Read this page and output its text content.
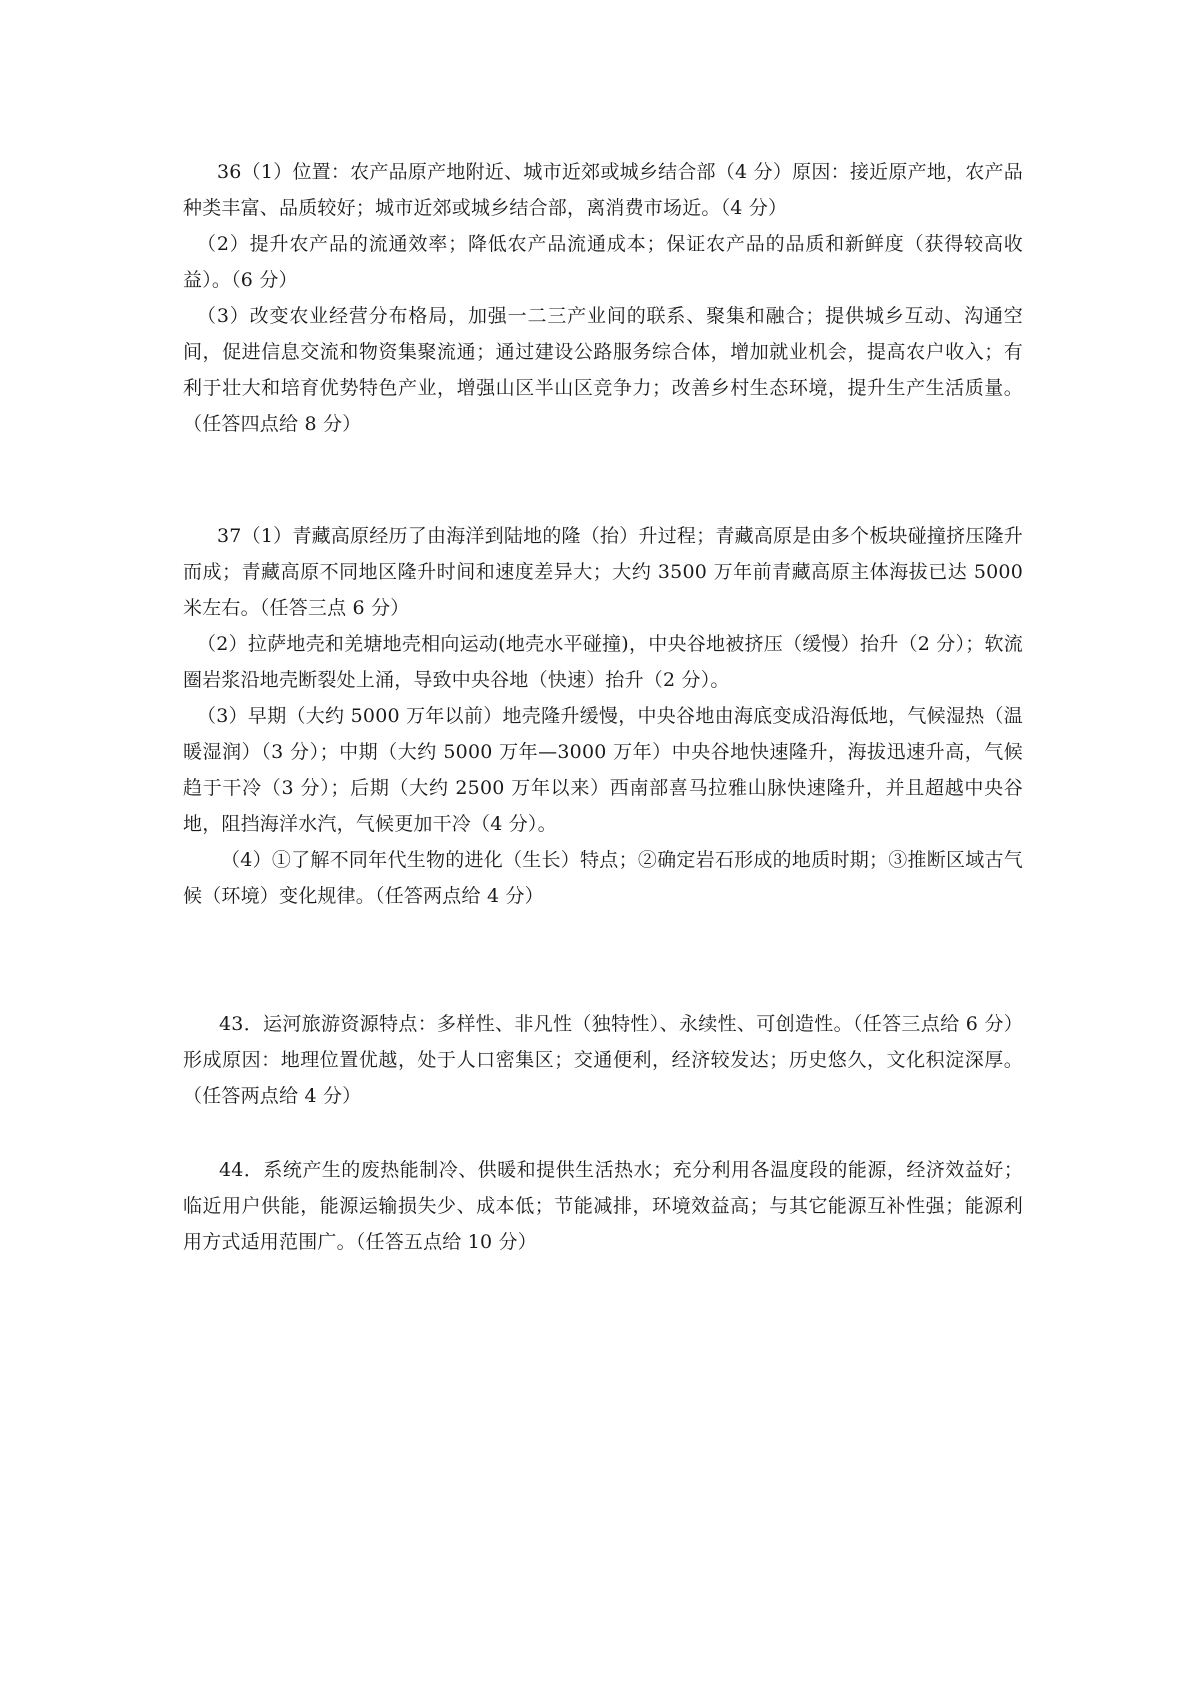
36（1）位置：农产品原产地附近、城市近郊或城乡结合部（4 分）原因：接近原产地，农产品种类丰富、品质较好；城市近郊或城乡结合部，离消费市场近。（4 分）

（2）提升农产品的流通效率；降低农产品流通成本；保证农产品的品质和新鲜度（获得较高收益）。（6 分）

（3）改变农业经营分布格局，加强一二三产业间的联系、聚集和融合；提供城乡互动、沟通空间，促进信息交流和物资集聚流通；通过建设公路服务综合体，增加就业机会，提高农户收入；有利于壮大和培育优势特色产业，增强山区半山区竞争力；改善乡村生态环境，提升生产生活质量。（任答四点给 8 分）

37（1）青藏高原经历了由海洋到陆地的隆（抬）升过程；青藏高原是由多个板块碰撞挤压隆升而成；青藏高原不同地区隆升时间和速度差异大；大约 3500 万年前青藏高原主体海拔已达 5000 米左右。（任答三点 6 分）

（2）拉萨地壳和羌塘地壳相向运动(地壳水平碰撞)，中央谷地被挤压（缓慢）抬升（2 分）；软流圈岩浆沿地壳断裂处上涌，导致中央谷地（快速）抬升（2 分）。

（3）早期（大约 5000 万年以前）地壳隆升缓慢，中央谷地由海底变成沿海低地，气候湿热（温暖湿润）（3 分）；中期（大约 5000 万年—3000 万年）中央谷地快速隆升，海拔迅速升高，气候趋于干冷（3 分）；后期（大约 2500 万年以来）西南部喜马拉雅山脉快速隆升，并且超越中央谷地，阻挡海洋水汽，气候更加干冷（4 分）。

（4）①了解不同年代生物的进化（生长）特点；②确定岩石形成的地质时期；③推断区域古气候（环境）变化规律。（任答两点给 4 分）

43．运河旅游资源特点：多样性、非凡性（独特性）、永续性、可创造性。（任答三点给 6 分）形成原因：地理位置优越，处于人口密集区；交通便利，经济较发达；历史悠久，文化积淀深厚。（任答两点给 4 分）

44．系统产生的废热能制冷、供暖和提供生活热水；充分利用各温度段的能源，经济效益好；临近用户供能，能源运输损失少、成本低；节能减排，环境效益高；与其它能源互补性强；能源利用方式适用范围广。（任答五点给 10 分）
